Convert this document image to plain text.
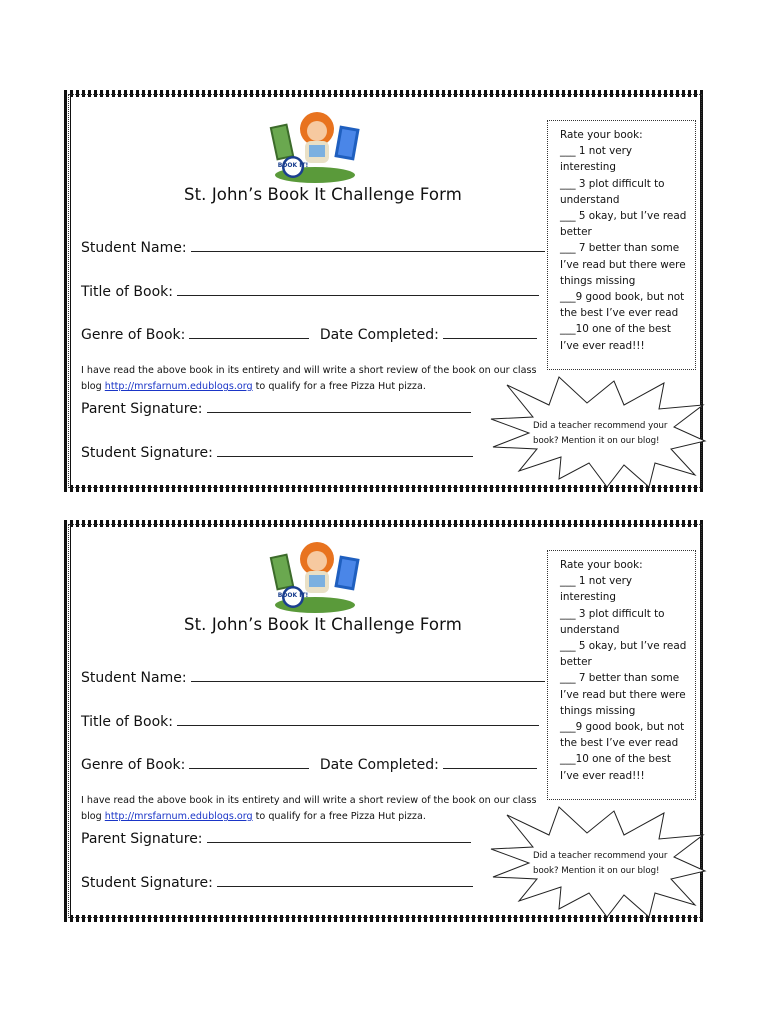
BOOK IT!
St. John’s Book It Challenge Form
Student Name:
Title of Book:
Genre of Book:	Date Completed:
I have read the above book in its entirety and will write a short review of the book on our class blog http://mrsfarnum.edublogs.org to qualify for a free Pizza Hut pizza.
Parent Signature:
Student Signature:
Rate your book:
___ 1 not very interesting
___ 3 plot difficult to understand
___ 5 okay, but I’ve read better
___ 7 better than some I’ve read but there were things missing
___9 good book, but not the best I’ve ever read
___10 one of the best I’ve ever read!!!
Did a teacher recommend your book? Mention it on our blog!
BOOK IT!
St. John’s Book It Challenge Form
Student Name:
Title of Book:
Genre of Book:	Date Completed:
I have read the above book in its entirety and will write a short review of the book on our class blog http://mrsfarnum.edublogs.org to qualify for a free Pizza Hut pizza.
Parent Signature:
Student Signature:
Rate your book:
___ 1 not very interesting
___ 3 plot difficult to understand
___ 5 okay, but I’ve read better
___ 7 better than some I’ve read but there were things missing
___9 good book, but not the best I’ve ever read
___10 one of the best I’ve ever read!!!
Did a teacher recommend your book? Mention it on our blog!
